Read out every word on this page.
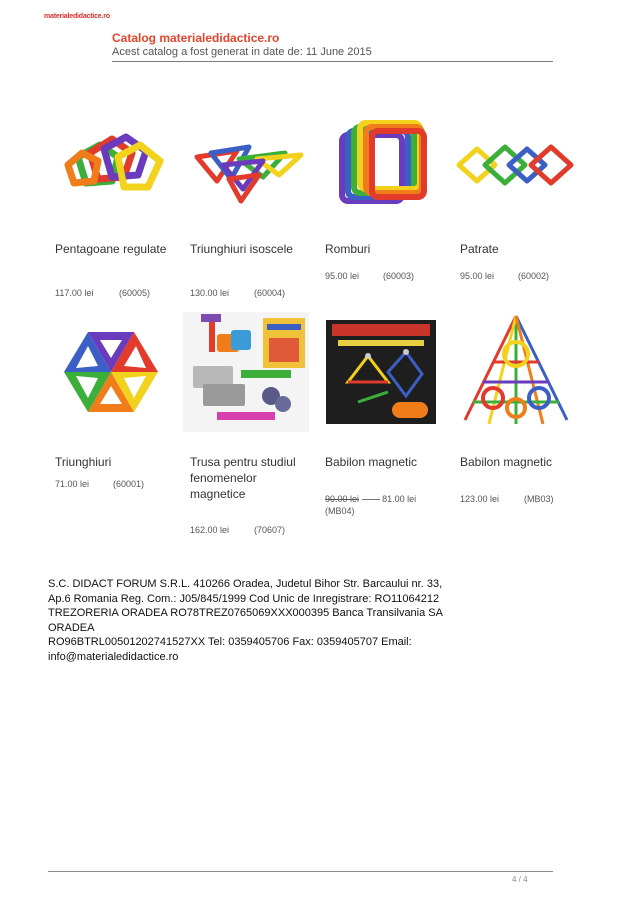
materialedidactice.ro
Catalog materialedidactice.ro
Acest catalog a fost generat in date de: 11 June 2015
Pentagoane regulate
117.00 lei	(60005)
Triunghiuri isoscele
130.00 lei	(60004)
Romburi
95.00 lei	(60003)
Patrate
95.00 lei	(60002)
Triunghiuri
71.00 lei	(60001)
Trusa pentru studiul fenomenelor magnetice
162.00 lei	(70607)
Babilon magnetic
90.00 lei	81.00 lei
(MB04)
Babilon magnetic
123.00 lei	(MB03)
S.C. DIDACT FORUM S.R.L. 410266 Oradea, Judetul Bihor Str. Barcaului nr. 33,
Ap.6 Romania Reg. Com.: J05/845/1999 Cod Unic de Inregistrare: RO11064212
TREZORERIA ORADEA RO78TREZ0765069XXX000395 Banca Transilvania SA ORADEA
RO96BTRL00501202741527XX Tel: 0359405706 Fax: 0359405707 Email:
info@materialedidactice.ro
4 / 4
